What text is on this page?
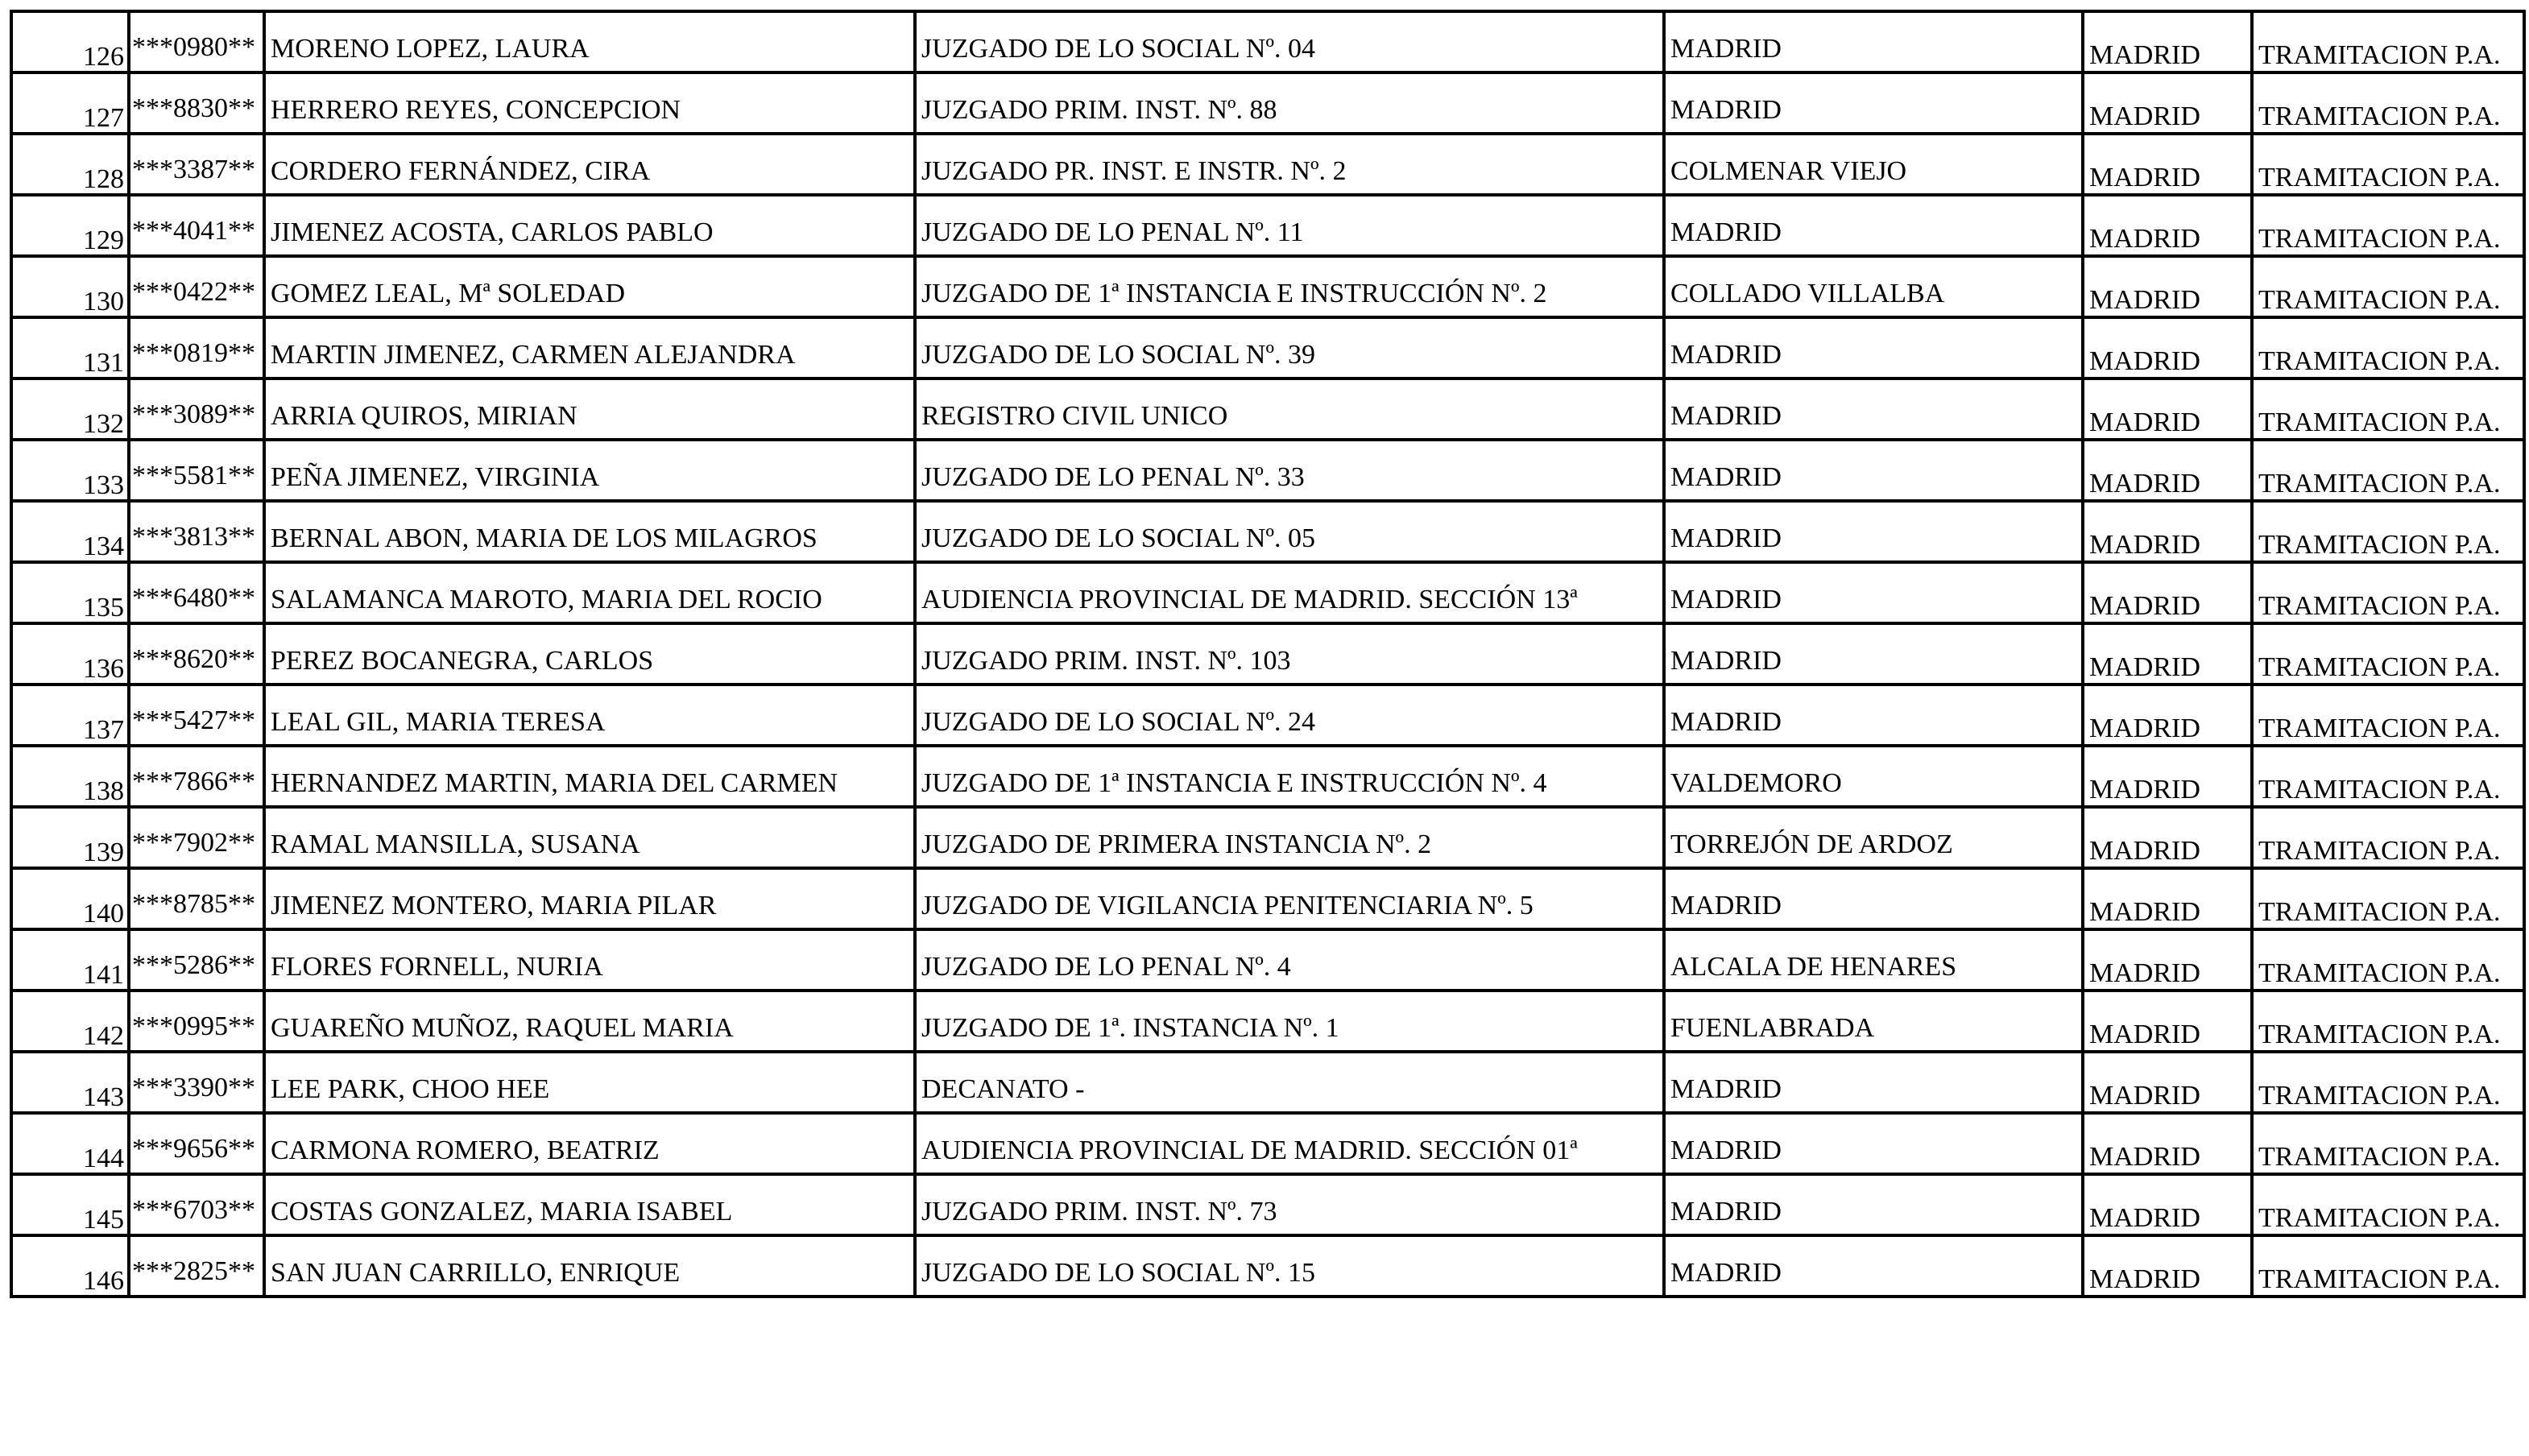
126	***0980**	MORENO LOPEZ, LAURA	JUZGADO DE LO SOCIAL Nº. 04	MADRID	MADRID	TRAMITACION P.A.
127	***8830**	HERRERO REYES, CONCEPCION	JUZGADO PRIM. INST. Nº. 88	MADRID	MADRID	TRAMITACION P.A.
128	***3387**	CORDERO FERNÁNDEZ, CIRA	JUZGADO PR. INST. E INSTR. Nº. 2	COLMENAR VIEJO	MADRID	TRAMITACION P.A.
129	***4041**	JIMENEZ ACOSTA, CARLOS PABLO	JUZGADO DE LO PENAL Nº. 11	MADRID	MADRID	TRAMITACION P.A.
130	***0422**	GOMEZ LEAL, Mª SOLEDAD	JUZGADO DE 1ª INSTANCIA E INSTRUCCIÓN Nº. 2	COLLADO VILLALBA	MADRID	TRAMITACION P.A.
131	***0819**	MARTIN JIMENEZ, CARMEN ALEJANDRA	JUZGADO DE LO SOCIAL Nº. 39	MADRID	MADRID	TRAMITACION P.A.
132	***3089**	ARRIA QUIROS, MIRIAN	REGISTRO CIVIL UNICO	MADRID	MADRID	TRAMITACION P.A.
133	***5581**	PEÑA JIMENEZ, VIRGINIA	JUZGADO DE LO PENAL Nº. 33	MADRID	MADRID	TRAMITACION P.A.
134	***3813**	BERNAL ABON, MARIA DE LOS MILAGROS	JUZGADO DE LO SOCIAL Nº. 05	MADRID	MADRID	TRAMITACION P.A.
135	***6480**	SALAMANCA MAROTO, MARIA DEL ROCIO	AUDIENCIA PROVINCIAL DE MADRID. SECCIÓN 13ª	MADRID	MADRID	TRAMITACION P.A.
136	***8620**	PEREZ BOCANEGRA, CARLOS	JUZGADO PRIM. INST. Nº. 103	MADRID	MADRID	TRAMITACION P.A.
137	***5427**	LEAL GIL, MARIA TERESA	JUZGADO DE LO SOCIAL Nº. 24	MADRID	MADRID	TRAMITACION P.A.
138	***7866**	HERNANDEZ MARTIN, MARIA DEL CARMEN	JUZGADO DE 1ª INSTANCIA E INSTRUCCIÓN Nº. 4	VALDEMORO	MADRID	TRAMITACION P.A.
139	***7902**	RAMAL MANSILLA, SUSANA	JUZGADO DE PRIMERA INSTANCIA Nº. 2	TORREJÓN DE ARDOZ	MADRID	TRAMITACION P.A.
140	***8785**	JIMENEZ MONTERO, MARIA PILAR	JUZGADO DE VIGILANCIA PENITENCIARIA Nº. 5	MADRID	MADRID	TRAMITACION P.A.
141	***5286**	FLORES FORNELL, NURIA	JUZGADO DE LO PENAL Nº. 4	ALCALA DE HENARES	MADRID	TRAMITACION P.A.
142	***0995**	GUAREÑO MUÑOZ, RAQUEL MARIA	JUZGADO DE 1ª. INSTANCIA Nº. 1	FUENLABRADA	MADRID	TRAMITACION P.A.
143	***3390**	LEE PARK, CHOO HEE	DECANATO -	MADRID	MADRID	TRAMITACION P.A.
144	***9656**	CARMONA ROMERO, BEATRIZ	AUDIENCIA PROVINCIAL DE MADRID. SECCIÓN 01ª	MADRID	MADRID	TRAMITACION P.A.
145	***6703**	COSTAS GONZALEZ, MARIA ISABEL	JUZGADO PRIM. INST. Nº. 73	MADRID	MADRID	TRAMITACION P.A.
146	***2825**	SAN JUAN CARRILLO, ENRIQUE	JUZGADO DE LO SOCIAL Nº. 15	MADRID	MADRID	TRAMITACION P.A.
